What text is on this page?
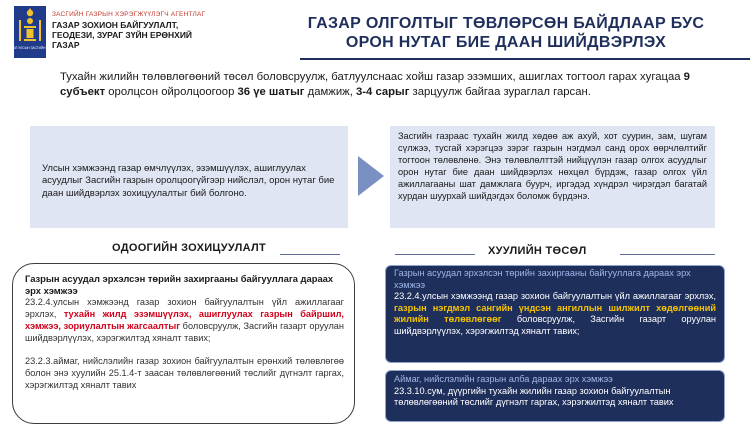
МОНГОЛ УЛСЫН ЗАСГИЙН ГАЗАР
ЗАСГИЙН ГАЗРЫН ХЭРЭГЖҮҮЛЭГЧ АГЕНТЛАГ
ГАЗАР ЗОХИОН БАЙГУУЛАЛТ,
ГЕОДЕЗИ, ЗУРАГ ЗҮЙН ЕРӨНХИЙ
ГАЗАР
ГАЗАР ОЛГОЛТЫГ ТӨВЛӨРСӨН БАЙДЛААР БУС
ОРОН НУТАГ БИЕ ДААН ШИЙДВЭРЛЭХ
Тухайн жилийн төлөвлөгөөний төсөл боловсруулж, батлуулснаас хойш газар эзэмших, ашиглах тогтоол гарах хугацаа 9 субъект оролцсон ойролцоогоор 36 үе шатыг дамжиж, 3-4 сарыг зарцуулж байгаа зураглал гарсан.
Улсын хэмжээнд газар өмчлүүлэх, эзэмшүүлэх, ашиглуулах асуудлыг Засгийн газрын оролцоогүйгээр нийслэл, орон нутаг бие даан шийдвэрлэх зохицуулалтыг бий болгоно.
Засгийн газраас тухайн жилд хөдөө аж ахуй, хот суурин, зам, шугам сүлжээ, тусгай хэрэгцээ зэрэг газрын нэгдмэл санд орох өөрчлөлтийг тогтоон төлөвлөнө. Энэ төлөвлөлттэй нийцүүлэн газар олгох асуудлыг орон нутаг бие даан шийдвэрлэх нөхцөл бүрдэж, газар олгох үйл ажиллагааны шат дамжлага буурч, иргэдэд хүндрэл чирэгдэл багатай хурдан шуурхай шийдэгдэх боломж бүрдэнэ.
ОДООГИЙН ЗОХИЦУУЛАЛТ	ХУУЛИЙН ТӨСӨЛ
Газрын асуудал эрхэлсэн төрийн захиргааны байгууллага дараах эрх хэмжээ

23.2.4.улсын хэмжээнд газар зохион байгуулалтын үйл ажиллагааг эрхлэх, тухайн жилд эзэмшүүлэх, ашиглуулах газрын байршил, хэмжээ, зориулалтын жагсаалтыг боловсруулж, Засгийн газарт оруулан шийдвэрлүүлэх, хэрэгжилтэд хяналт тавих;

23.2.3.аймаг, нийслэлийн газар зохион байгуулалтын ерөнхий төлөвлөгөө болон энэ хуулийн 25.1.4-т заасан төлөвлөгөөний төслийг дүгнэлт гаргах, хэрэгжилтэд хяналт тавих

Газрын асуудал эрхэлсэн төрийн захиргааны байгууллага дараах эрх хэмжээ

23.2.4.улсын хэмжээнд газар зохион байгуулалтын үйл ажиллагааг эрхлэх, газрын нэгдмэл сангийн үндсэн ангиллын шилжилт хөдөлгөөний жилийн төлөвлөгөөг боловсруулж, Засгийн газарт оруулан шийдвэрлүүлэх, хэрэгжилтэд хяналт тавих;

Аймаг, нийслэлийн газрын алба дараах эрх хэмжээ

23.3.10.сум, дүүргийн тухайн жилийн газар зохион байгуулалтын төлөвлөгөөний төслийг дүгнэлт гаргах, хэрэгжилтэд хяналт тавих
